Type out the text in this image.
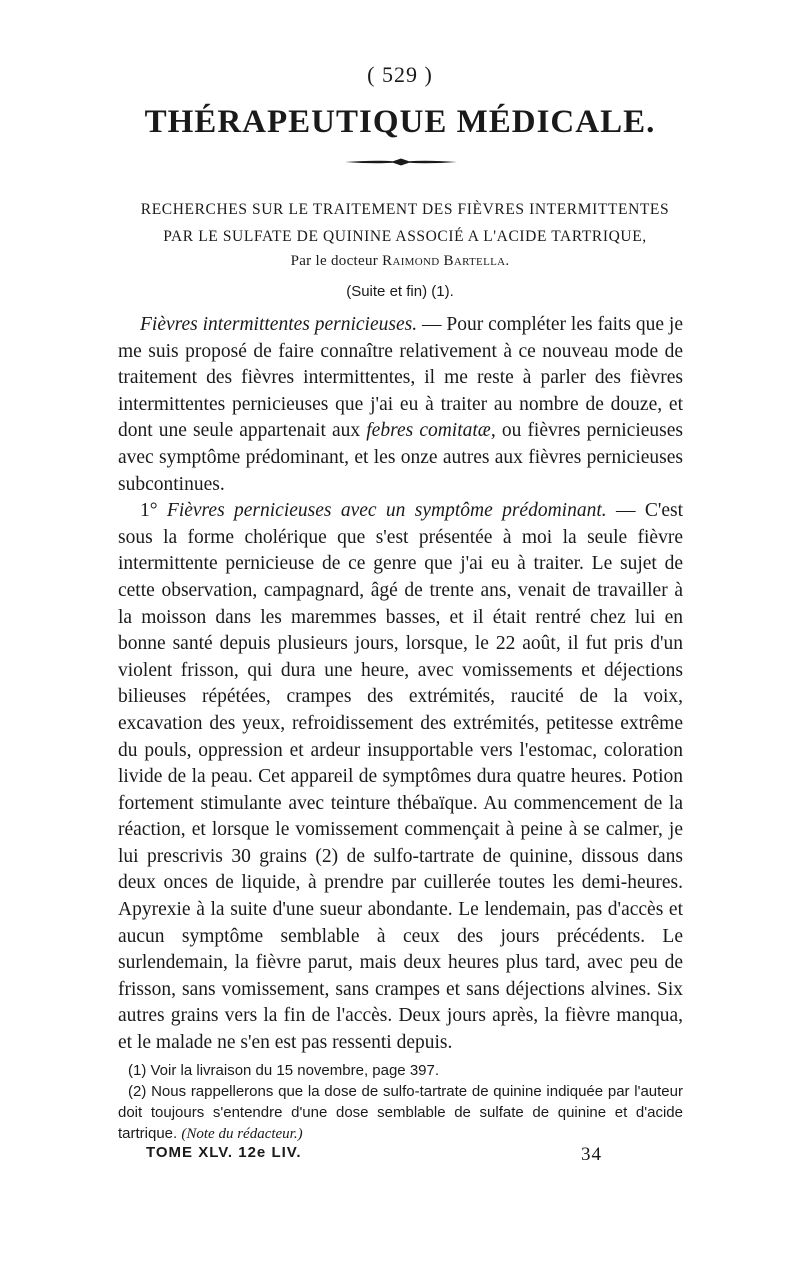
( 529 )
THÉRAPEUTIQUE MÉDICALE.
RECHERCHES SUR LE TRAITEMENT DES FIÈVRES INTERMITTENTES PAR LE SULFATE DE QUININE ASSOCIÉ A L'ACIDE TARTRIQUE,
Par le docteur Raimond Bartella.
(Suite et fin) (1).

Fièvres intermittentes pernicieuses. — Pour compléter les faits que je me suis proposé de faire connaître relativement à ce nouveau mode de traitement des fièvres intermittentes, il me reste à parler des fièvres intermittentes pernicieuses que j'ai eu à traiter au nombre de douze, et dont une seule appartenait aux febres comitatæ, ou fièvres pernicieuses avec symptôme prédominant, et les onze autres aux fièvres pernicieuses subcontinues.

1° Fièvres pernicieuses avec un symptôme prédominant. — C'est sous la forme cholérique que s'est présentée à moi la seule fièvre intermittente pernicieuse de ce genre que j'ai eu à traiter. Le sujet de cette observation, campagnard, âgé de trente ans, venait de travailler à la moisson dans les maremmes basses, et il était rentré chez lui en bonne santé depuis plusieurs jours, lorsque, le 22 août, il fut pris d'un violent frisson, qui dura une heure, avec vomissements et déjections bilieuses répétées, crampes des extrémités, raucité de la voix, excavation des yeux, refroidissement des extrémités, petitesse extrême du pouls, oppression et ardeur insupportable vers l'estomac, coloration livide de la peau. Cet appareil de symptômes dura quatre heures. Potion fortement stimulante avec teinture thébaïque. Au commencement de la réaction, et lorsque le vomissement commençait à peine à se calmer, je lui prescrivis 30 grains (2) de sulfo-tartrate de quinine, dissous dans deux onces de liquide, à prendre par cuillerée toutes les demi-heures. Apyrexie à la suite d'une sueur abondante. Le lendemain, pas d'accès et aucun symptôme semblable à ceux des jours précédents. Le surlendemain, la fièvre parut, mais deux heures plus tard, avec peu de frisson, sans vomissement, sans crampes et sans déjections alvines. Six autres grains vers la fin de l'accès. Deux jours après, la fièvre manqua, et le malade ne s'en est pas ressenti depuis.

(1) Voir la livraison du 15 novembre, page 397.

(2) Nous rappellerons que la dose de sulfo-tartrate de quinine indiquée par l'auteur doit toujours s'entendre d'une dose semblable de sulfate de quinine et d'acide tartrique. (Note du rédacteur.)

TOME XLV. 12e LIV.	34
